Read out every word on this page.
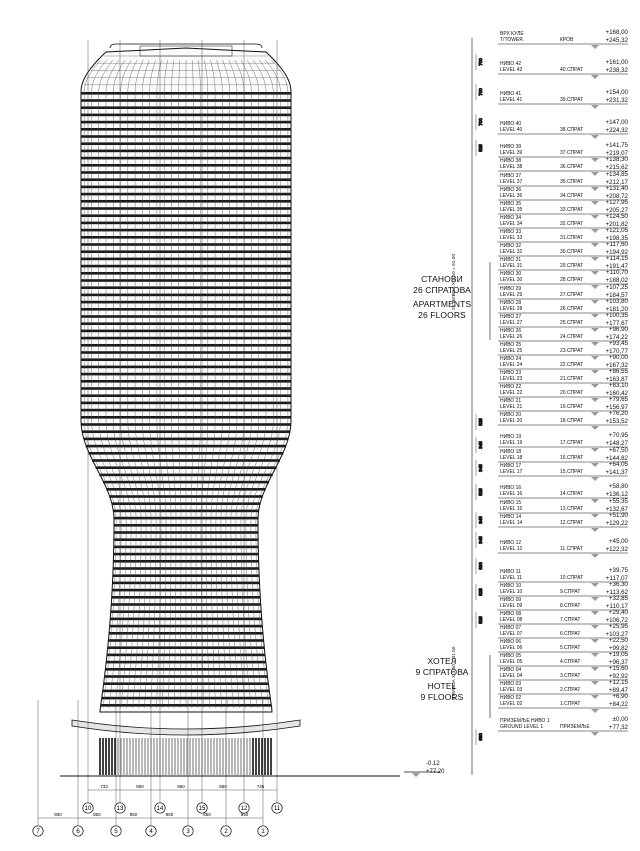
700
700
700
525
525
345
345
525
345
345
690
525
525
690
10	13	14	15	12	11
7	6	5	4	3	2	1
733	850	960	850	735
900	850	850	850	850	850
СТАНОВИ
26 СПРАТОВА
APARTMENTS
26 FLOORS
ХОТЕЛ
9 СПРАТОВА
HOTEL
9 FLOORS
26 НИВОА Х 3.50 = 91.00
9 НИВОА Х 3.50 = 31.50
-0.12
+77.20
ВРХ КУЛЕ
T/TOWER	КРОВ
+168,00
+245,32
НИВО 42
LEVEL 42	40.СПРАТ
+161,00
+238,32
НИВО 41
LEVEL 41	39.СПРАТ
+154,00
+231,32
НИВО 40
LEVEL 40	38.СПРАТ
+147,00
+224,32
НИВО 39
LEVEL 39	37.СПРАТ
+141,75
+219,07
НИВО 38
LEVEL 38	36.СПРАТ
+138,30
+215,62
НИВО 37
LEVEL 37	35.СПРАТ
+134,85
+212,17
НИВО 36
LEVEL 36	34.СПРАТ
+131,40
+208,72
НИВО 35
LEVEL 35	33.СПРАТ
+127,95
+205,27
НИВО 34
LEVEL 34	32.СПРАТ
+124,50
+201,82
НИВО 33
LEVEL 33	31.СПРАТ
+121,05
+198,35
НИВО 32
LEVEL 32	30.СПРАТ
+117,60
+194,92
НИВО 31
LEVEL 31	29.СПРАТ
+114,15
+191,47
НИВО 30
LEVEL 30	28.СПРАТ
+110,70
+188,02
НИВО 29
LEVEL 29	27.СПРАТ
+107,25
+184,57
НИВО 28
LEVEL 28	26.СПРАТ
+103,80
+181,20
НИВО 27
LEVEL 27	25.СПРАТ
+100,35
+177,67
НИВО 26
LEVEL 26	24.СПРАТ
+96,90
+174,22
НИВО 25
LEVEL 25	23.СПРАТ
+93,45
+170,77
НИВО 24
LEVEL 24	22.СПРАТ
+90,00
+167,32
НИВО 23
LEVEL 23	21.СПРАТ
+86,55
+163,87
НИВО 22
LEVEL 22	20.СПРАТ
+83,10
+160,42
НИВО 21
LEVEL 21	19.СПРАТ
+79,65
+156,97
НИВО 20
LEVEL 20	18.СПРАТ
+76,20
+153,52
НИВО 19
LEVEL 19	17.СПРАТ
+70,95
+148,27
НИВО 18
LEVEL 18	16.СПРАТ
+67,50
+144,82
НИВО 17
LEVEL 17	15.СПРАТ
+64,05
+141,37
НИВО 16
LEVEL 16	14.СПРАТ
+58,80
+136,12
НИВО 15
LEVEL 15	13.СПРАТ
+55,35
+132,67
НИВО 14
LEVEL 14	12.СПРАТ
+51,90
+129,22
НИВО 12
LEVEL 12	11.СПРАТ
+45,00
+122,32
НИВО 11
LEVEL 11	10.СПРАТ
+39,75
+117,07
НИВО 10
LEVEL 10	9.СПРАТ
+36,30
+113,62
НИВО 09
LEVEL 09	8.СПРАТ
+32,85
+110,17
НИВО 08
LEVEL 08	7.СПРАТ
+29,40
+106,72
НИВО 07
LEVEL 07	6.СПРАТ
+25,95
+103,27
НИВО 06
LEVEL 06	5.СПРАТ
+22,50
+99,82
НИВО 05
LEVEL 05	4.СПРАТ
+19,05
+96,37
НИВО 04
LEVEL 04	3.СПРАТ
+15,60
+92,92
НИВО 03
LEVEL 03	2.СПРАТ
+12,15
+89,47
НИВО 02
LEVEL 02	1.СПРАТ
+6,90
+84,22
ПРИЗЕМЉЕ НИВО 1
GROUND LEVEL 1	ПРИЗЕМЉЕ
±0,00
+77,32
